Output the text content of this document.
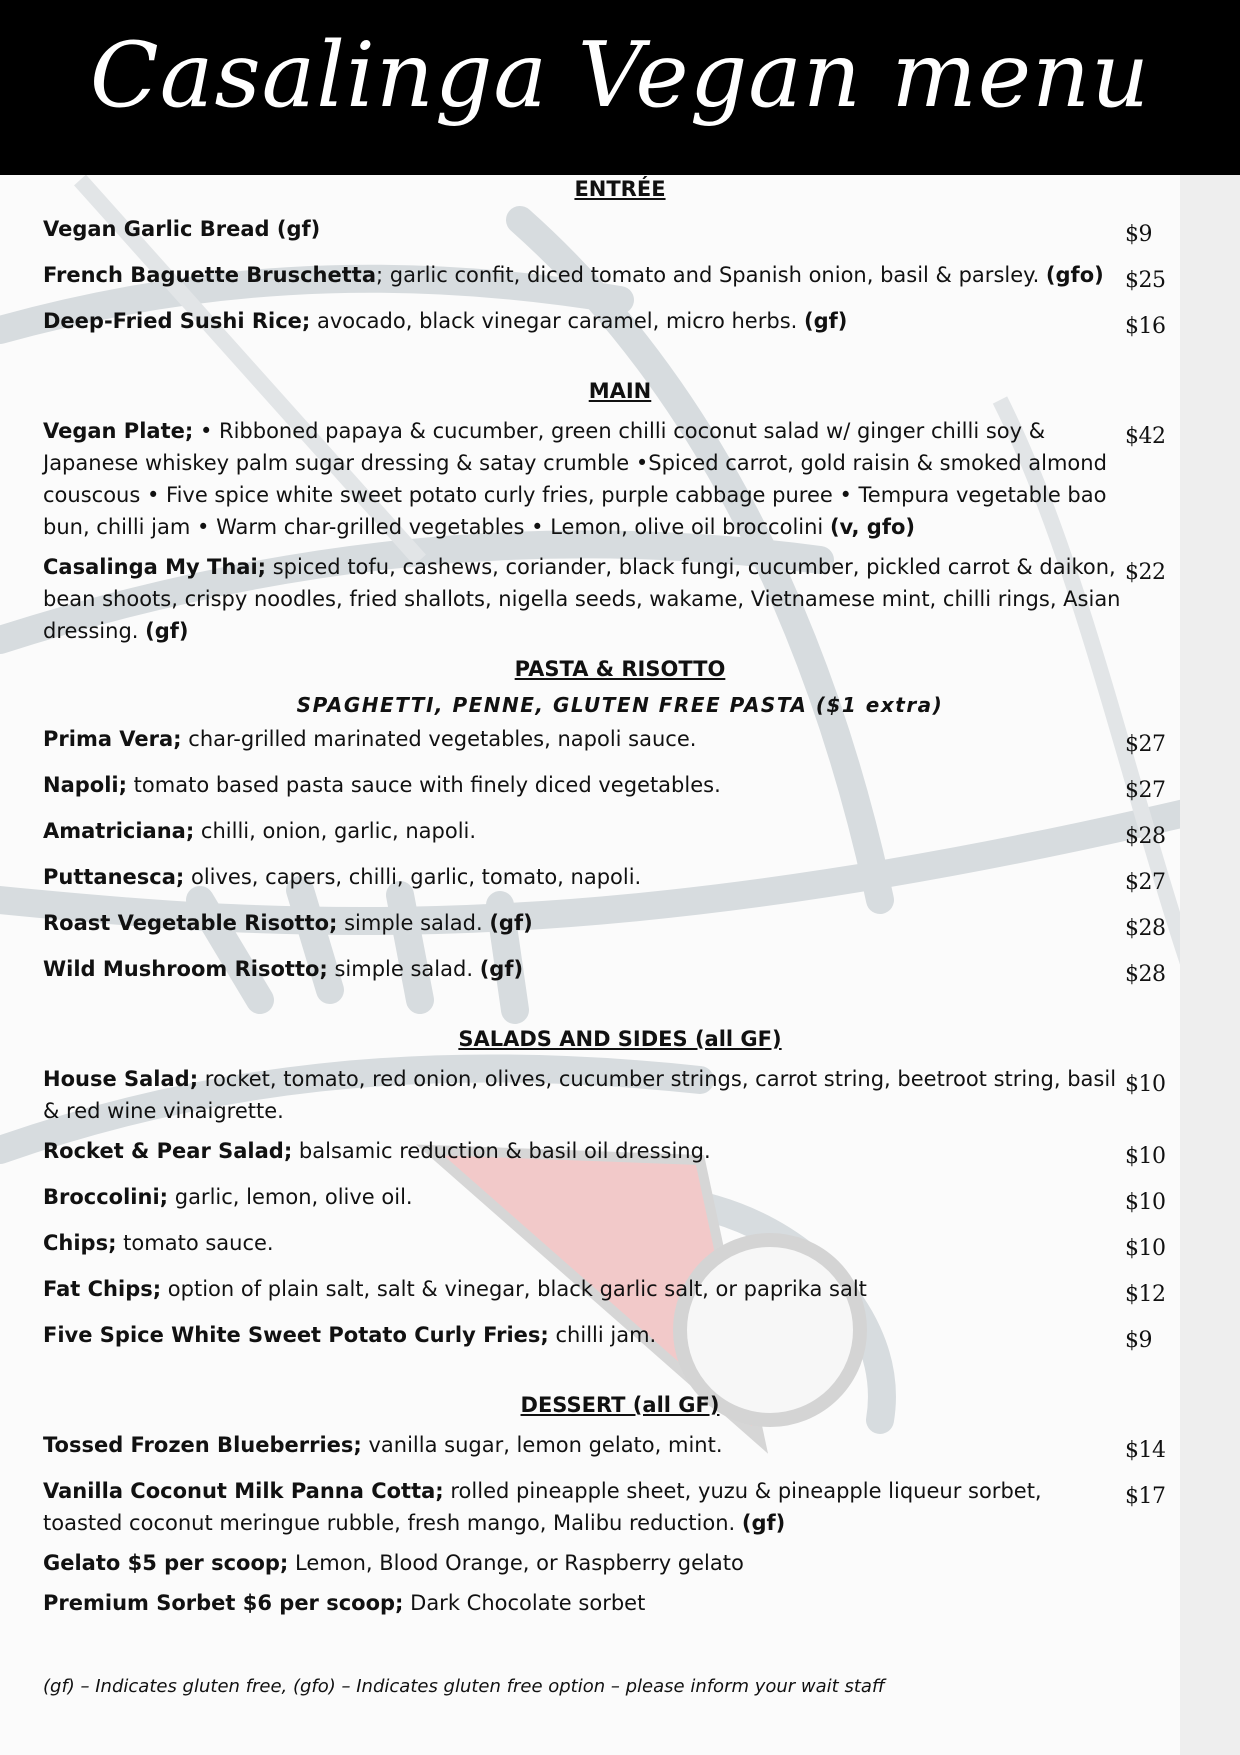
Casalinga Vegan menu
ENTRÉE
Vegan Garlic Bread (gf)	$9
French Baguette Bruschetta; garlic confit, diced tomato and Spanish onion, basil & parsley. (gfo) $25
Deep-Fried Sushi Rice; avocado, black vinegar caramel, micro herbs. (gf)	$16
MAIN
Vegan Plate; • Ribboned papaya & cucumber, green chilli coconut salad w/ ginger chilli soy & Japanese whiskey palm sugar dressing & satay crumble •Spiced carrot, gold raisin & smoked almond couscous • Five spice white sweet potato curly fries, purple cabbage puree • Tempura vegetable bao bun, chilli jam • Warm char-grilled vegetables • Lemon, olive oil broccolini (v, gfo)
$42
Casalinga My Thai; spiced tofu, cashews, coriander, black fungi, cucumber, pickled carrot & daikon, bean shoots, crispy noodles, fried shallots, nigella seeds, wakame, Vietnamese mint, chilli rings, Asian dressing. (gf)
$22
PASTA & RISOTTO
SPAGHETTI, PENNE, GLUTEN FREE PASTA ($1 extra)
Prima Vera; char-grilled marinated vegetables, napoli sauce.	$27
Napoli; tomato based pasta sauce with finely diced vegetables.	$27
Amatriciana; chilli, onion, garlic, napoli.	$28
Puttanesca; olives, capers, chilli, garlic, tomato, napoli.	$27
Roast Vegetable Risotto; simple salad. (gf)	$28
Wild Mushroom Risotto; simple salad. (gf)	$28
SALADS AND SIDES (all GF)
House Salad; rocket, tomato, red onion, olives, cucumber strings, carrot string, beetroot string, basil & red wine vinaigrette.
$10
Rocket & Pear Salad; balsamic reduction & basil oil dressing.	$10
Broccolini; garlic, lemon, olive oil.	$10
Chips; tomato sauce.	$10
Fat Chips; option of plain salt, salt & vinegar, black garlic salt, or paprika salt	$12
Five Spice White Sweet Potato Curly Fries; chilli jam.	$9
DESSERT (all GF)
Tossed Frozen Blueberries; vanilla sugar, lemon gelato, mint.	$14
Vanilla Coconut Milk Panna Cotta; rolled pineapple sheet, yuzu & pineapple liqueur sorbet, toasted coconut meringue rubble, fresh mango, Malibu reduction. (gf)
$17
Gelato $5 per scoop; Lemon, Blood Orange, or Raspberry gelato
Premium Sorbet $6 per scoop; Dark Chocolate sorbet
(gf) – Indicates gluten free, (gfo) – Indicates gluten free option – please inform your wait staff
